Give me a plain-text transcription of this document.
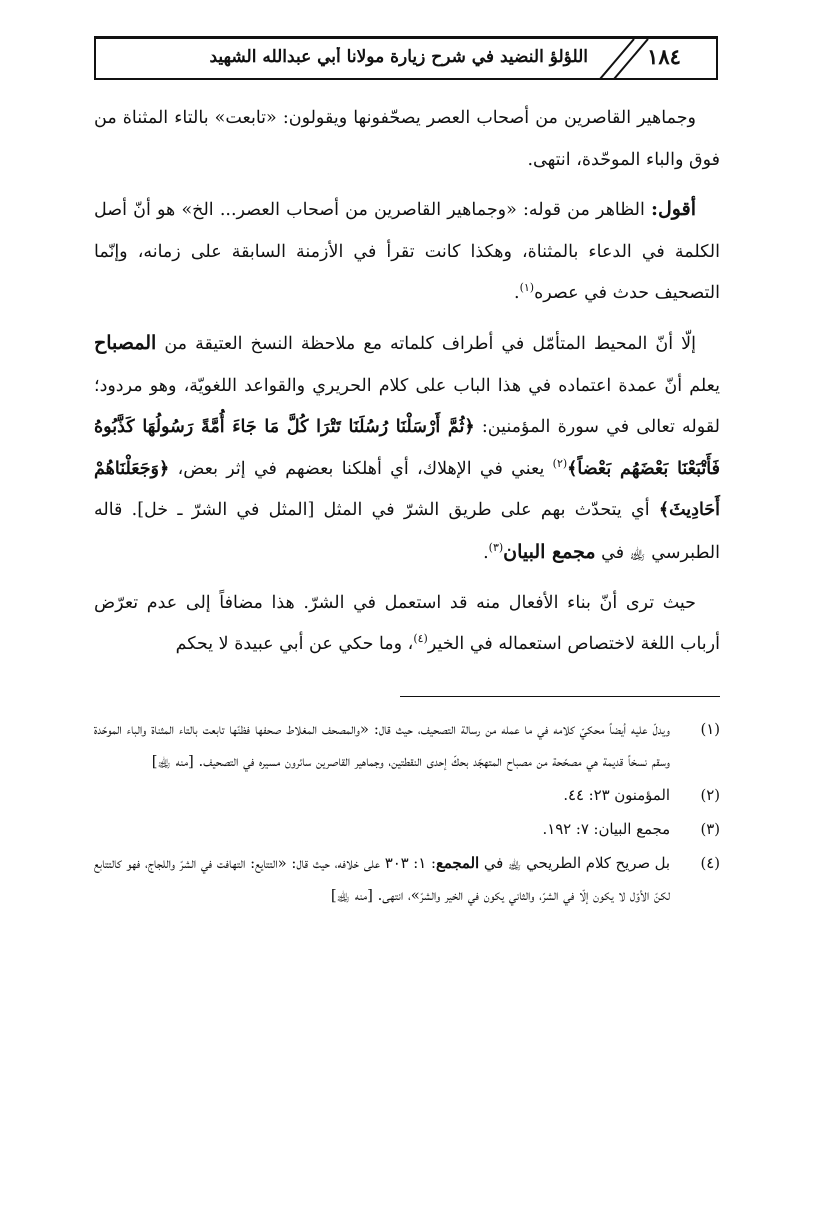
١٨٤
اللؤلؤ النضيد في شرح زيارة مولانا أبي عبدالله الشهيد

وجماهير القاصرين من أصحاب العصر يصحّفونها ويقولون: «تابعت» بالتاء المثناة من فوق والباء الموحّدة، انتهى.

أقول: الظاهر من قوله: «وجماهير القاصرين من أصحاب العصر... الخ» هو أنّ أصل الكلمة في الدعاء بالمثناة، وهكذا كانت تقرأ في الأزمنة السابقة على زمانه، وإنّما التصحيف حدث في عصره$^{(١)}$.

إلّا أنّ المحيط المتأمّل في أطراف كلماته مع ملاحظة النسخ العتيقة من المصباح يعلم أنّ عمدة اعتماده في هذا الباب على كلام الحريري والقواعد اللغويّة، وهو مردود؛ لقوله تعالى في سورة المؤمنين: ﴿ثُمَّ أَرْسَلْنَا رُسُلَنَا تَتْرَا كُلَّ مَا جَاءَ أُمَّةً رَسُولُهَا كَذَّبُوهُ فَأَتْبَعْنَا بَعْضَهُم بَعْضاً﴾$^{(٢)}$ يعني في الإهلاك، أي أهلكنا بعضهم في إثر بعض، ﴿وَجَعَلْنَاهُمْ أَحَادِيثَ﴾ أي يتحدّث بهم على طريق الشرّ في المثل [المثل في الشرّ ـ خل]. قاله الطبرسي ﵀ في مجمع البيان$^{(٣)}$.

حيث ترى أنّ بناء الأفعال منه قد استعمل في الشرّ. هذا مضافاً إلى عدم تعرّض أرباب اللغة لاختصاص استعماله في الخير$^{(٤)}$، وما حكي عن أبي عبيدة لا يحكم

(١)
ويدلّ عليه أيضاً محكيّ كلامه في ما عمله من رسالة التصحيف، حيث قال: «والمصحف المغلاط صحفها فظنّها تابعت بالتاء المثناة والباء الموحّدة وسقم نسخاً قديمة هي مصحّحة من مصباح المتهجّد بحكّ إحدى النقطتين، وجماهير القاصرين سائرون مسيره في التصحيف. [منه ﵀]
(٢)
المؤمنون ٢٣: ٤٤.
(٣)
مجمع البيان: ٧: ١٩٢.
(٤)
بل صريح كلام الطريحي ﵀ في المجمع: ١: ٣٠٣ على خلافه، حيث قال: «التتايع: التهافت في الشرّ واللجاج، فهو كالتتابع لكنّ الأوّل لا يكون إلّا في الشرّ، والثاني يكون في الخير والشرّ»، انتهى. [منه ﵀]
